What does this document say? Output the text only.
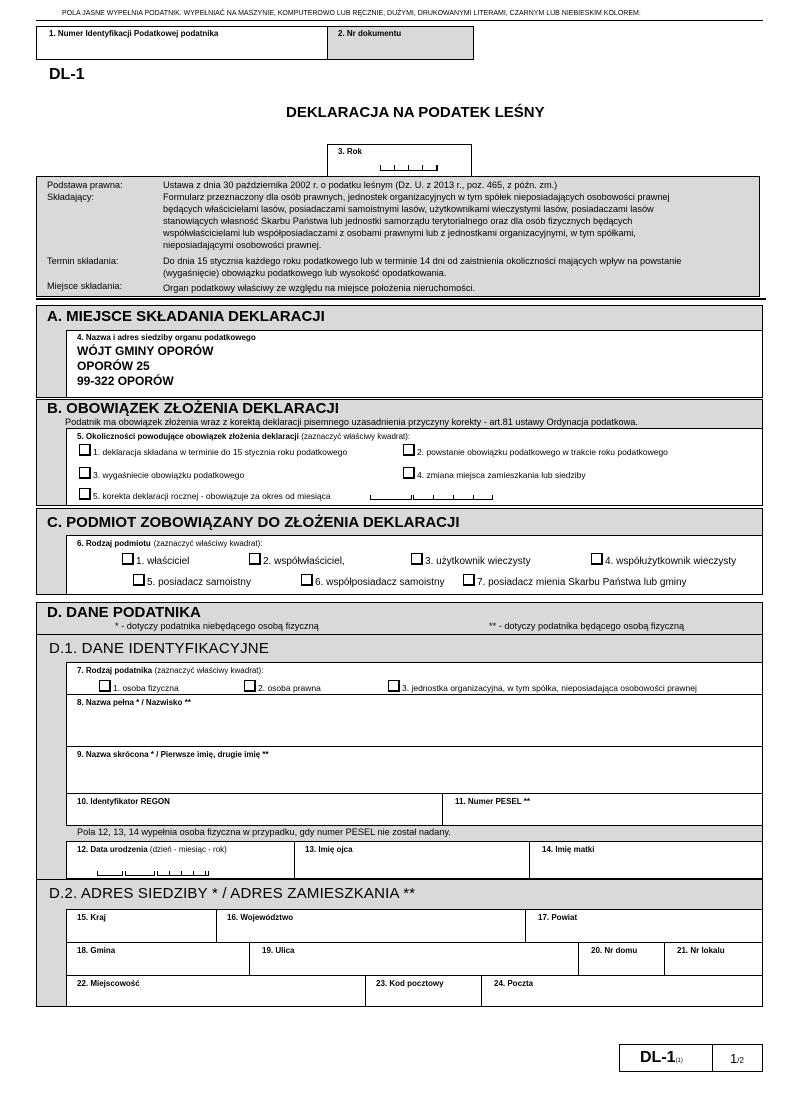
POLA JASNE WYPEŁNIA PODATNIK. WYPEŁNIAĆ NA MASZYNIE, KOMPUTEROWO LUB RĘCZNIE, DUŻYMI, DRUKOWANYMI LITERAMI, CZARNYM LUB NIEBIESKIM KOLOREM.
1. Numer Identyfikacji Podatkowej podatnika	2. Nr dokumentu
DL-1
DEKLARACJA NA PODATEK LEŚNY
3. Rok
Podstawa prawna:	Ustawa z dnia 30 października 2002 r. o podatku leśnym (Dz. U. z 2013 r., poz. 465, z późn. zm.)
Składający:	Formularz przeznaczony dla osób prawnych, jednostek organizacyjnych w tym spółek nieposiadających osobowości prawnej
będących właścicielami lasów, posiadaczami samoistnymi lasów, użytkownikami wieczystymi lasów, posiadaczami lasów
stanowiących własność Skarbu Państwa lub jednostki samorządu terytorialnego oraz dla osób fizycznych będących
współwłaścicielami lub współposiadaczami z osobami prawnymi lub z jednostkami organizacyjnymi, w tym spółkami,
nieposiadającymi osobowości prawnej.
Termin składania:	Do dnia 15 stycznia każdego roku podatkowego lub w terminie 14 dni od zaistnienia okoliczności mających wpływ na powstanie
(wygaśnięcie) obowiązku podatkowego lub wysokość opodatkowania.
Miejsce składania:	Organ podatkowy właściwy ze względu na miejsce położenia nieruchomości.
A. MIEJSCE SKŁADANIA DEKLARACJI
4. Nazwa i adres siedziby organu podatkowego
WÓJT GMINY OPORÓW
OPORÓW 25
99-322 OPORÓW
B. OBOWIĄZEK ZŁOŻENIA DEKLARACJI
Podatnik ma obowiązek złożenia wraz z korektą deklaracji pisemnego uzasadnienia przyczyny korekty - art.81 ustawy Ordynacja podatkowa.
5. Okoliczności powodujące obowiązek złożenia deklaracji (zaznaczyć właściwy kwadrat):
1. deklaracja składana w terminie do 15 stycznia roku podatkowego	2. powstanie obowiązku podatkowego w trakcie roku podatkowego
3. wygaśniecie obowiązku podatkowego	4. zmiana miejsca zamieszkania lub siedziby
5. korekta deklaracji rocznej - obowiązuje za okres od miesiąca
C. PODMIOT ZOBOWIĄZANY DO ZŁOŻENIA DEKLARACJI
6. Rodzaj podmiotu (zaznaczyć właściwy kwadrat):
1. właściciel	2. współwłaściciel,	3. użytkownik wieczysty	4. współużytkownik wieczysty
5. posiadacz samoistny	6. współposiadacz samoistny	7. posiadacz mienia Skarbu Państwa lub gminy
D. DANE PODATNIKA
* - dotyczy podatnika niebędącego osobą fizyczną	** - dotyczy podatnika będącego osobą fizyczną
D.1. DANE IDENTYFIKACYJNE
Pola 12, 13, 14 wypełnia osoba fizyczna w przypadku, gdy numer PESEL nie został nadany.
D.2. ADRES SIEDZIBY * / ADRES ZAMIESZKANIA **
7. Rodzaj podatnika (zaznaczyć właściwy kwadrat):
1. osoba fizyczna	2. osoba prawna	3. jednostka organizacyjna, w tym spółka, nieposiadająca osobowości prawnej
8. Nazwa pełna * / Nazwisko **
9. Nazwa skrócona * / Pierwsze imię, drugie imię **
10. Identyfikator REGON	11. Numer PESEL **
12. Data urodzenia (dzień - miesiąc - rok)	13. Imię ojca	14. Imię matki
15. Kraj	16. Województwo	17. Powiat
18. Gmina	19. Ulica	20. Nr domu	21. Nr lokalu
22. Miejscowość	23. Kod pocztowy	24. Poczta
DL-1(1)	1/2
